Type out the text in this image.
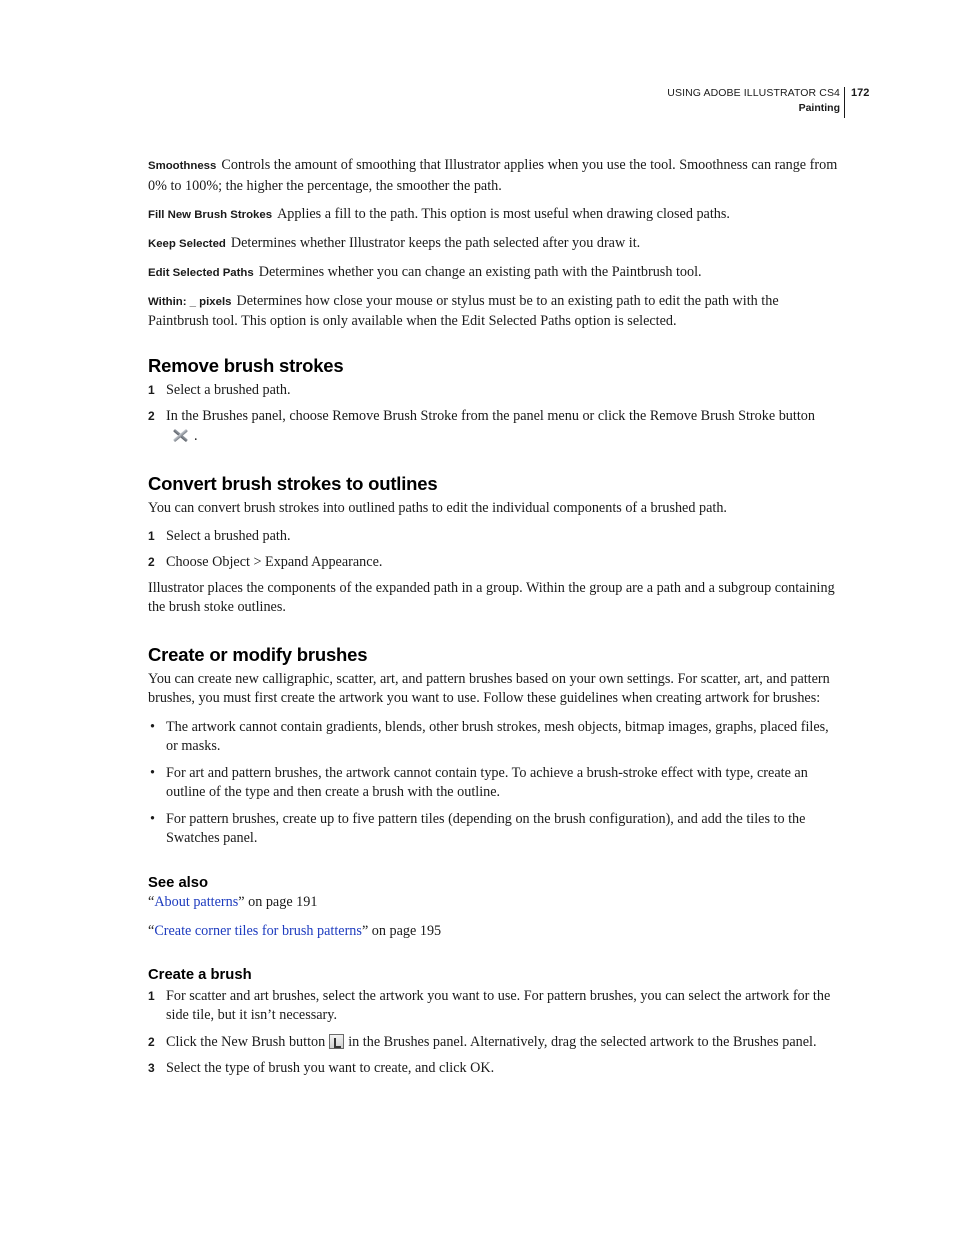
USING ADOBE ILLUSTRATOR CS4
Painting
172

Smoothness Controls the amount of smoothing that Illustrator applies when you use the tool. Smoothness can range from 0% to 100%; the higher the percentage, the smoother the path.

Fill New Brush Strokes Applies a fill to the path. This option is most useful when drawing closed paths.

Keep Selected Determines whether Illustrator keeps the path selected after you draw it.

Edit Selected Paths Determines whether you can change an existing path with the Paintbrush tool.

Within: _ pixels Determines how close your mouse or stylus must be to an existing path to edit the path with the Paintbrush tool. This option is only available when the Edit Selected Paths option is selected.

Remove brush strokes
1 Select a brushed path.
2 In the Brushes panel, choose Remove Brush Stroke from the panel menu or click the Remove Brush Stroke button.
Convert brush strokes to outlines

You can convert brush strokes into outlined paths to edit the individual components of a brushed path.

1 Select a brushed path.
2 Choose Object > Expand Appearance.

Illustrator places the components of the expanded path in a group. Within the group are a path and a subgroup containing the brush stoke outlines.

Create or modify brushes

You can create new calligraphic, scatter, art, and pattern brushes based on your own settings. For scatter, art, and pattern brushes, you must first create the artwork you want to use. Follow these guidelines when creating artwork for brushes:

• The artwork cannot contain gradients, blends, other brush strokes, mesh objects, bitmap images, graphs, placed files, or masks.
• For art and pattern brushes, the artwork cannot contain type. To achieve a brush-stroke effect with type, create an outline of the type and then create a brush with the outline.
• For pattern brushes, create up to five pattern tiles (depending on the brush configuration), and add the tiles to the Swatches panel.
See also

“About patterns” on page 191

“Create corner tiles for brush patterns” on page 195

Create a brush
1 For scatter and art brushes, select the artwork you want to use. For pattern brushes, you can select the artwork for the side tile, but it isn’t necessary.
2 Click the New Brush button in the Brushes panel. Alternatively, drag the selected artwork to the Brushes panel.
3 Select the type of brush you want to create, and click OK.
